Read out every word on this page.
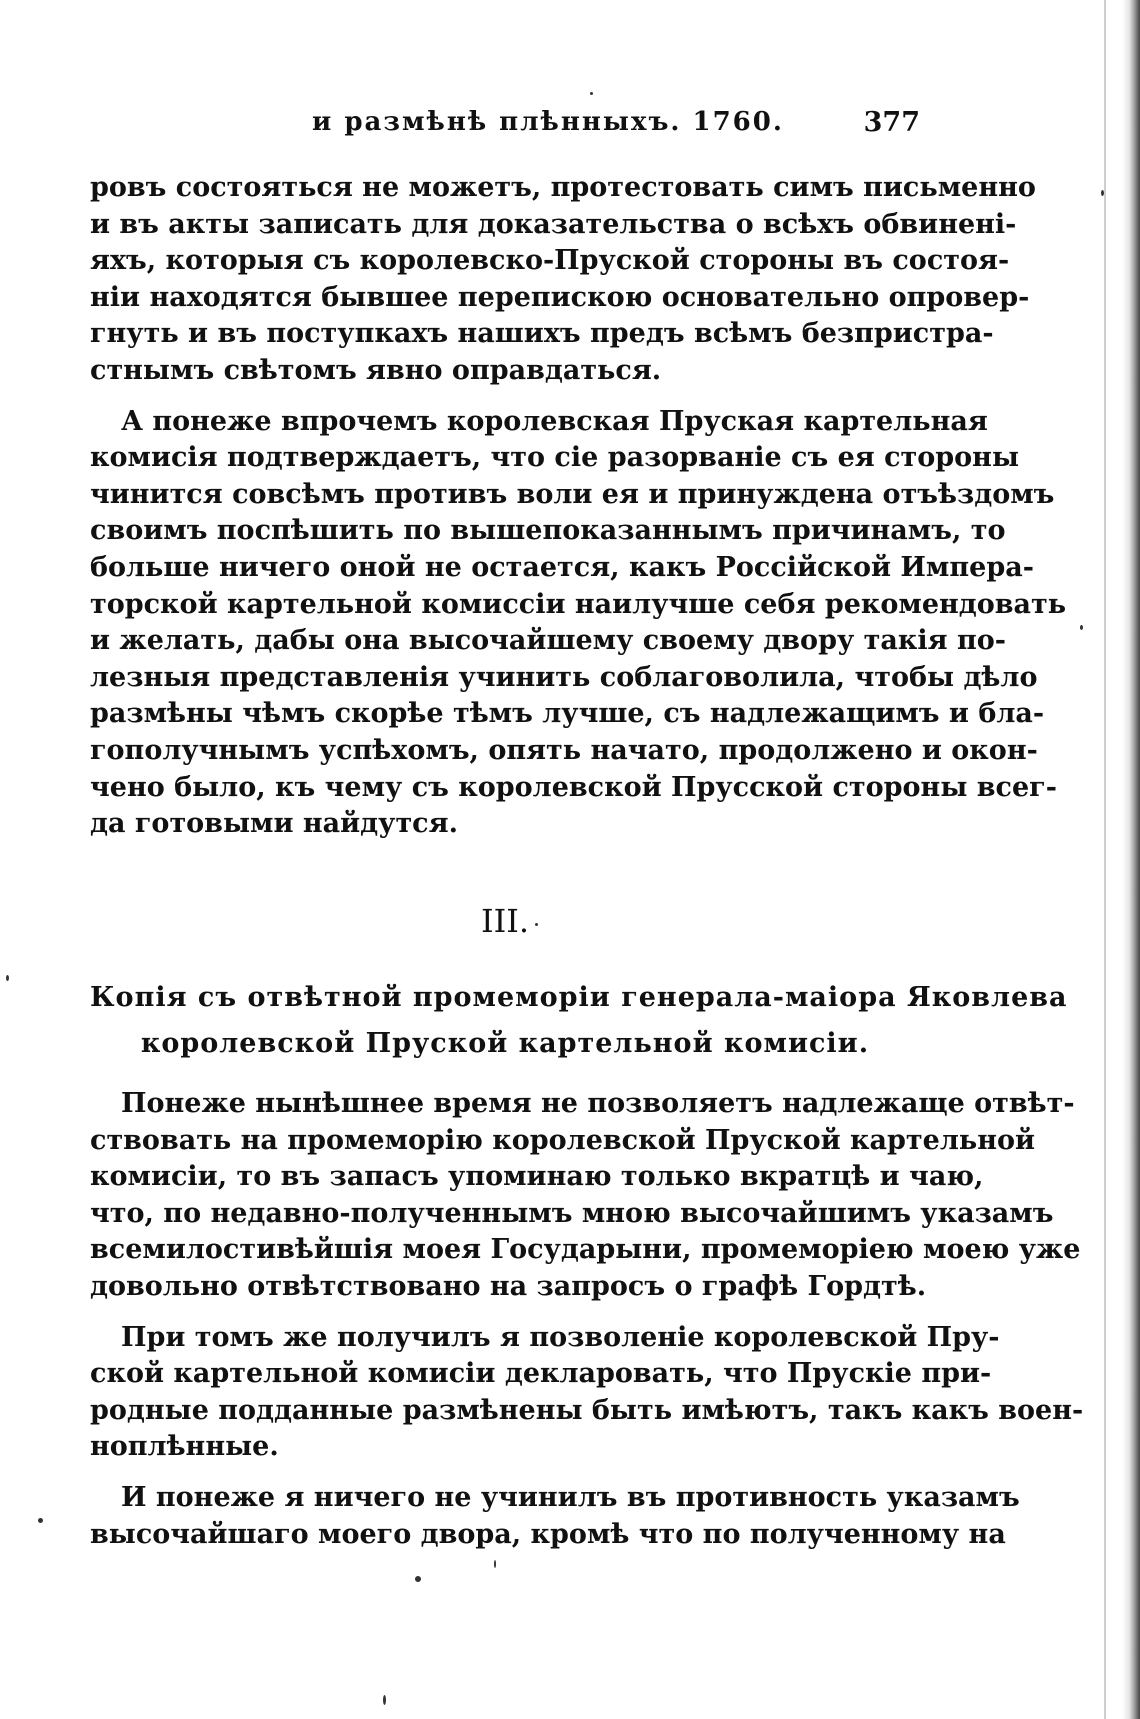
и размѣнѣ плѣнныхъ. 1760.	377
ровъ состояться не можетъ, протестовать симъ письменно
и въ акты записать для доказательства о всѣхъ обвинені-
яхъ, которыя съ королевско-Пруской стороны въ состоя-
ніи находятся бывшее перепискою основательно опровер-
гнуть и въ поступкахъ нашихъ предъ всѣмъ безпристра-
стнымъ свѣтомъ явно оправдаться.
А понеже впрочемъ королевская Пруская картельная
комисія подтверждаетъ, что сіе разорваніе съ ея стороны
чинится совсѣмъ противъ воли ея и принуждена отъѣздомъ
своимъ поспѣшить по вышепоказаннымъ причинамъ, то
больше ничего оной не остается, какъ Россійской Импера-
торской картельной комиссіи наилучше себя рекомендовать
и желать, дабы она высочайшему своему двору такія по-
лезныя представленія учинить соблаговолила, чтобы дѣло
размѣны чѣмъ скорѣе тѣмъ лучше, съ надлежащимъ и бла-
гополучнымъ успѣхомъ, опять начато, продолжено и окон-
чено было, къ чему съ королевской Прусской стороны всег-
да готовыми найдутся.
III.
Копія съ отвѣтной промеморіи генерала-маіора Яковлева
королевской Пруской картельной комисіи.
Понеже нынѣшнее время не позволяетъ надлежаще отвѣт-
ствовать на промеморію королевской Пруской картельной
комисіи, то въ запасъ упоминаю только вкратцѣ и чаю,
что, по недавно-полученнымъ мною высочайшимъ указамъ
всемилостивѣйшія моея Государыни, промеморіею моею уже
довольно отвѣтствовано на запросъ о графѣ Гордтѣ.
При томъ же получилъ я позволеніе королевской Пру-
ской картельной комисіи декларовать, что Прускіе при-
родные подданные размѣнены быть имѣютъ, такъ какъ воен-
ноплѣнные.
И понеже я ничего не учинилъ въ противность указамъ
высочайшаго моего двора, кромѣ что по полученному на
